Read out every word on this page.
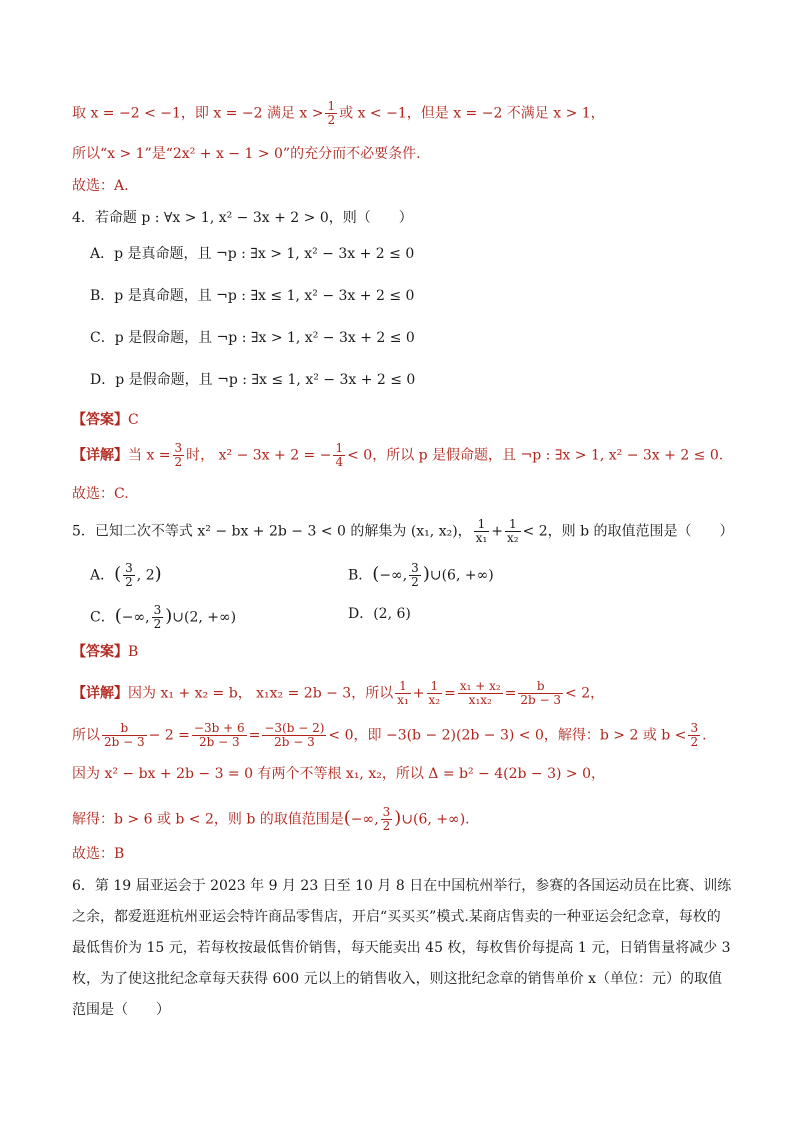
取 x = −2 < −1，即 x = −2 满足 $x > \frac{1}{2}$ 或 x < −1，但是 x = −2 不满足 x > 1，
所以“x > 1”是“2x² + x − 1 > 0”的充分而不必要条件.
故选：A.
4．若命题 p : ∀x > 1, x² − 3x + 2 > 0，则（　　）
A．p 是真命题，且 ¬p : ∃x > 1, x² − 3x + 2 ≤ 0
B．p 是真命题，且 ¬p : ∃x ≤ 1, x² − 3x + 2 ≤ 0
C．p 是假命题，且 ¬p : ∃x > 1, x² − 3x + 2 ≤ 0
D．p 是假命题，且 ¬p : ∃x ≤ 1, x² − 3x + 2 ≤ 0
【答案】C
【详解】当 $x = \frac{3}{2}$ 时， x² − 3x + 2 = − $\frac{1}{4} < 0$，所以 p 是假命题，且 ¬p : ∃x > 1, x² − 3x + 2 ≤ 0.
故选：C.
5．已知二次不等式 x² − bx + 2b − 3 < 0 的解集为 (x₁, x₂)， $\frac{1}{\text{x₁}} + \frac{1}{\text{x₂}} < 2$，则 b 的取值范围是（　　）
A．( $\frac{3}{2}$ , 2)	B．(−∞, $\frac{3}{2}$ )∪(6, +∞)
C．(−∞, $\frac{3}{2}$ )∪(2, +∞)	D．(2, 6)
【答案】B
【详解】因为 x₁ + x₂ = b， x₁x₂ = 2b − 3，所以 $\frac{1}{\text{x₁}} + \frac{1}{\text{x₂}} = \frac{\text{x₁ + x₂}}{\text{x₁x₂}} = \frac{b}{2b - 3} < 2$，
所以 $\frac{b}{2b - 3} - 2 = \frac{-3b + 6}{2b - 3} = \frac{-3(b - 2)}{2b - 3} < 0$，即 −3(b − 2)(2b − 3) < 0，解得：b > 2 或 $b < \frac{3}{2}$ .
因为 x² − bx + 2b − 3 = 0 有两个不等根 x₁, x₂，所以 Δ = b² − 4(2b − 3) > 0，
解得：b > 6 或 b < 2，则 b 的取值范围是(−∞, $\frac{3}{2}$ )∪(6, +∞).
故选：B
6．第 19 届亚运会于 2023 年 9 月 23 日至 10 月 8 日在中国杭州举行，参赛的各国运动员在比赛、训练之余，都爱逛逛杭州亚运会特许商品零售店，开启“买买买”模式.某商店售卖的一种亚运会纪念章，每枚的最低售价为 15 元，若每枚按最低售价销售，每天能卖出 45 枚，每枚售价每提高 1 元，日销售量将减少 3 枚，为了使这批纪念章每天获得 600 元以上的销售收入，则这批纪念章的销售单价 x（单位：元）的取值范围是（　　）
